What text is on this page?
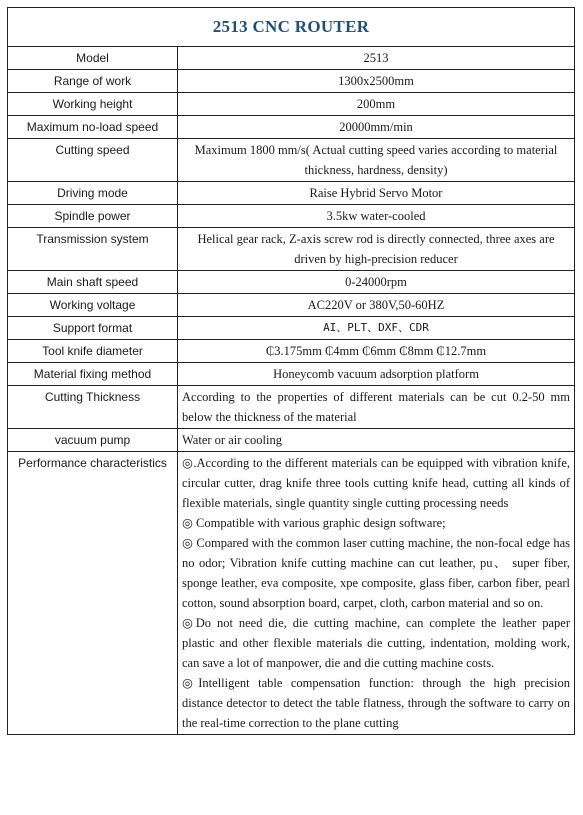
2513 CNC ROUTER	
Model	2513
Range of work	1300x2500mm
Working height	200mm
Maximum no-load speed	20000mm/min
Cutting speed	Maximum 1800 mm/s( Actual cutting speed varies according to material thickness, hardness, density)
Driving mode	Raise Hybrid Servo Motor
Spindle power	3.5kw water-cooled
Transmission system	Helical gear rack, Z-axis screw rod is directly connected, three axes are driven by high-precision reducer
Main shaft speed	0-24000rpm
Working voltage	AC220V or 380V,50-60HZ
Support format	AI、PLT、DXF、CDR
Tool knife diameter	₵3.175mm ₵4mm ₵6mm ₵8mm ₵12.7mm
Material fixing method	Honeycomb vacuum adsorption platform
Cutting Thickness	According to the properties of different materials can be cut 0.2-50 mm below the thickness of the material
vacuum pump	Water or air cooling
Performance characteristics	◎.According to the different materials can be equipped with vibration knife, circular cutter, drag knife three tools cutting knife head, cutting all kinds of flexible materials, single quantity single cutting processing needs
◎ Compatible with various graphic design software;
◎ Compared with the common laser cutting machine, the non-focal edge has no odor; Vibration knife cutting machine can cut leather, pu、 super fiber, sponge leather, eva composite, xpe composite, glass fiber, carbon fiber, pearl cotton, sound absorption board, carpet, cloth, carbon material and so on.
◎Do not need die, die cutting machine, can complete the leather paper plastic and other flexible materials die cutting, indentation, molding work, can save a lot of manpower, die and die cutting machine costs.
◎Intelligent table compensation function: through the high precision distance detector to detect the table flatness, through the software to carry on the real-time correction to the plane cutting
